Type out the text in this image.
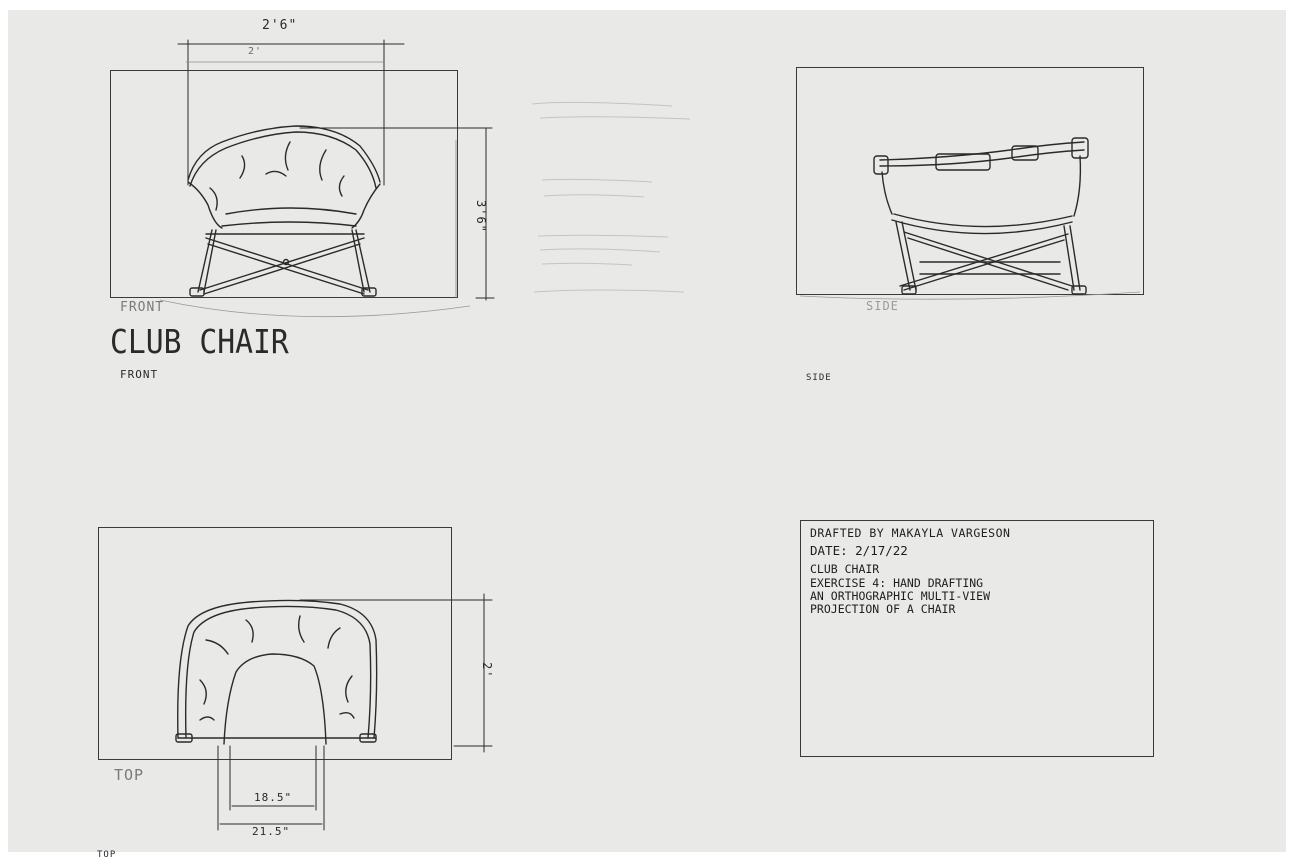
2'6"
2'
3'6"
FRONT
CLUB CHAIR
FRONT
SIDE
SIDE
2'
TOP
18.5"
21.5"
TOP
DRAFTED BY MAKAYLA VARGESON
DATE: 2/17/22
CLUB CHAIR
EXERCISE 4: HAND DRAFTING
AN ORTHOGRAPHIC MULTI-VIEW
PROJECTION OF A CHAIR
